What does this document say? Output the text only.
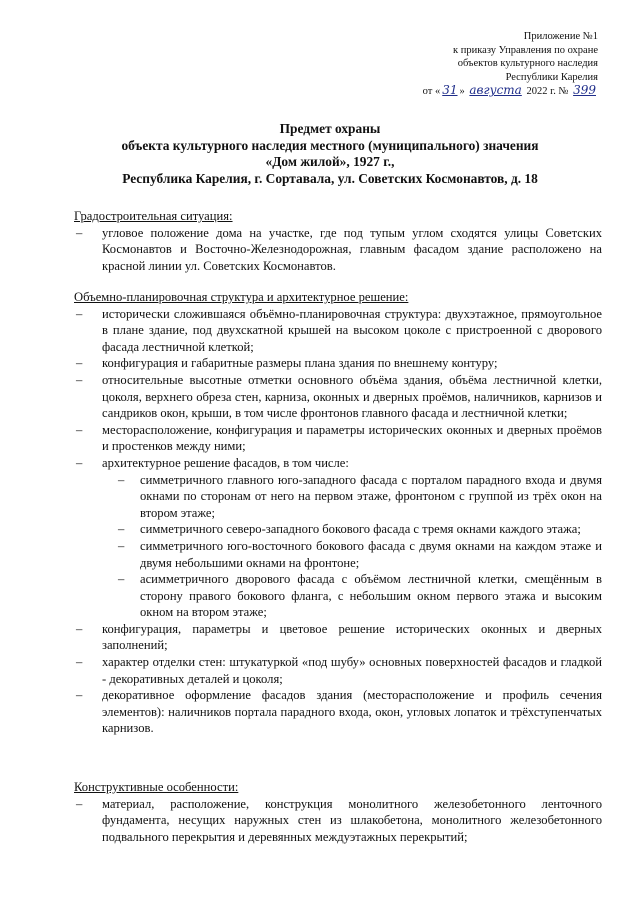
Приложение №1
к приказу Управления по охране
объектов культурного наследия
Республики Карелия
от « 31 » августа 2022 г. № 399
Предмет охраны
объекта культурного наследия местного (муниципального) значения
«Дом жилой», 1927 г.,
Республика Карелия, г. Сортавала, ул. Советских Космонавтов, д. 18
Градостроительная ситуация:
– угловое положение дома на участке, где под тупым углом сходятся улицы Советских Космонавтов и Восточно-Железнодорожная, главным фасадом здание расположено на красной линии ул. Советских Космонавтов.
Объемно-планировочная структура и архитектурное решение:
– исторически сложившаяся объёмно-планировочная структура: двухэтажное, прямоугольное в плане здание, под двухскатной крышей на высоком цоколе с пристроенной с дворового фасада лестничной клеткой;
– конфигурация и габаритные размеры плана здания по внешнему контуру;
– относительные высотные отметки основного объёма здания, объёма лестничной клетки, цоколя, верхнего обреза стен, карниза, оконных и дверных проёмов, наличников, карнизов и сандриков окон, крыши, в том числе фронтонов главного фасада и лестничной клетки;
– месторасположение, конфигурация и параметры исторических оконных и дверных проёмов и простенков между ними;
– архитектурное решение фасадов, в том числе:
– симметричного главного юго-западного фасада с порталом парадного входа и двумя окнами по сторонам от него на первом этаже, фронтоном с группой из трёх окон на втором этаже;
– симметричного северо-западного бокового фасада с тремя окнами каждого этажа;
– симметричного юго-восточного бокового фасада с двумя окнами на каждом этаже и двумя небольшими окнами на фронтоне;
– асимметричного дворового фасада с объёмом лестничной клетки, смещённым в сторону правого бокового фланга, с небольшим окном первого этажа и высоким окном на втором этаже;
– конфигурация, параметры и цветовое решение исторических оконных и дверных заполнений;
– характер отделки стен: штукатуркой «под шубу» основных поверхностей фасадов и гладкой - декоративных деталей и цоколя;
– декоративное оформление фасадов здания (месторасположение и профиль сечения элементов): наличников портала парадного входа, окон, угловых лопаток и трёхступенчатых карнизов.
Конструктивные особенности:
– материал, расположение, конструкция монолитного железобетонного ленточного фундамента, несущих наружных стен из шлакобетона, монолитного железобетонного подвального перекрытия и деревянных междуэтажных перекрытий;
